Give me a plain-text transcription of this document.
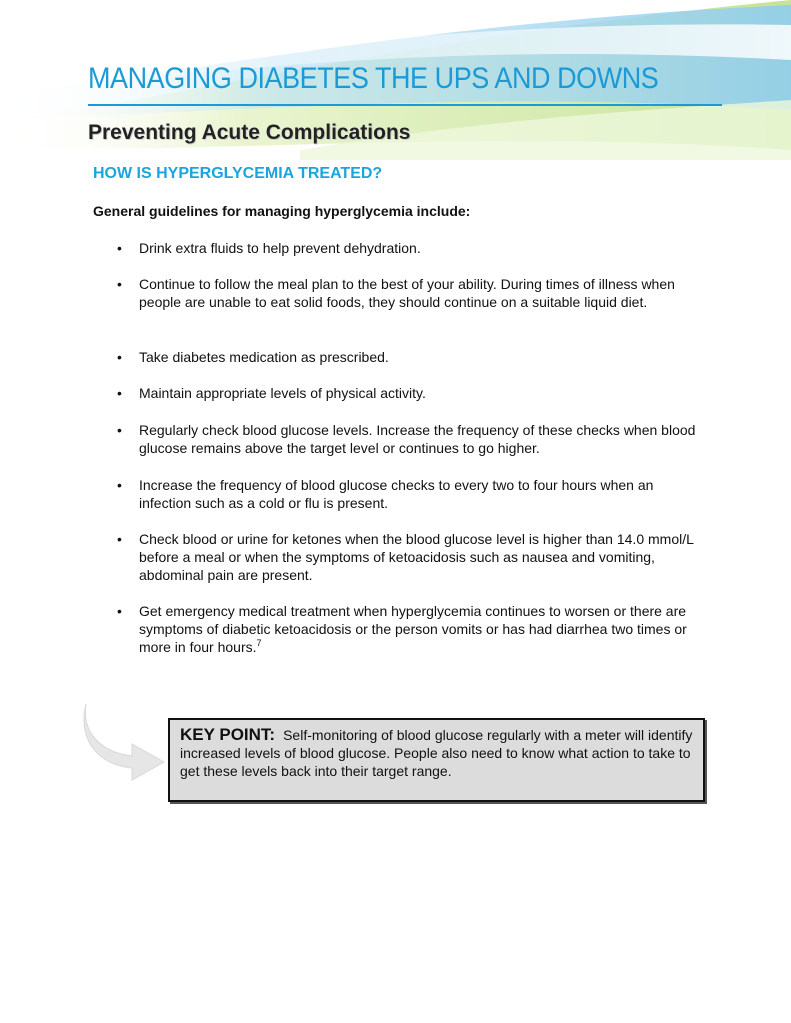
MANAGING DIABETES THE UPS AND DOWNS
Preventing Acute Complications
HOW IS HYPERGLYCEMIA TREATED?
General guidelines for managing hyperglycemia include:
• Drink extra fluids to help prevent dehydration.
• Continue to follow the meal plan to the best of your ability. During times of illness when people are unable to eat solid foods, they should continue on a suitable liquid diet.
• Take diabetes medication as prescribed.
• Maintain appropriate levels of physical activity.
• Regularly check blood glucose levels. Increase the frequency of these checks when blood glucose remains above the target level or continues to go higher.
• Increase the frequency of blood glucose checks to every two to four hours when an infection such as a cold or flu is present.
• Check blood or urine for ketones when the blood glucose level is higher than 14.0 mmol/L before a meal or when the symptoms of ketoacidosis such as nausea and vomiting, abdominal pain are present.
• Get emergency medical treatment when hyperglycemia continues to worsen or there are symptoms of diabetic ketoacidosis or the person vomits or has had diarrhea two times or more in four hours.$^7$
KEY POINT: Self-monitoring of blood glucose regularly with a meter will identify increased levels of blood glucose. People also need to know what action to take to get these levels back into their target range.
